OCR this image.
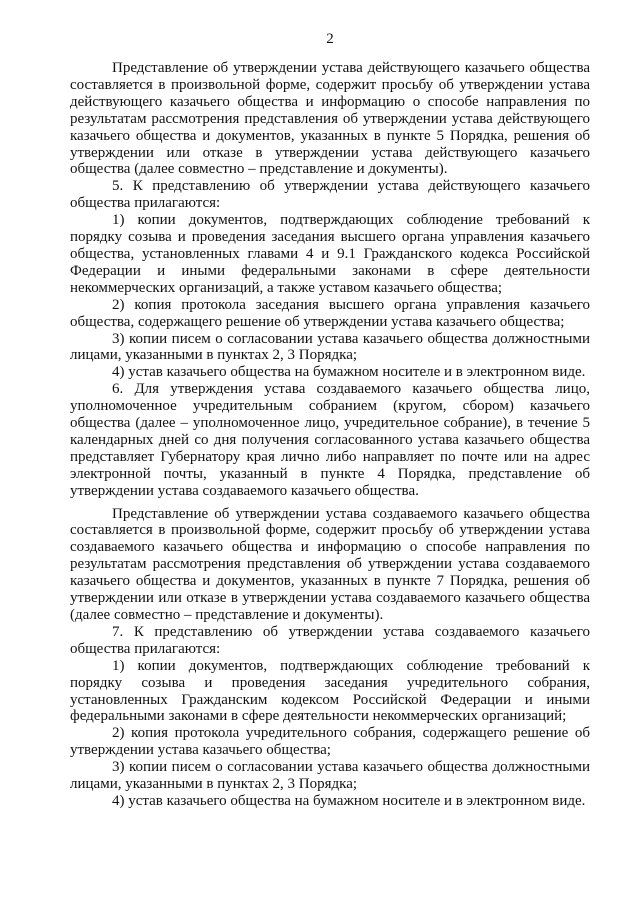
2

Представление об утверждении устава действующего казачьего общества составляется в произвольной форме, содержит просьбу об утверждении устава действующего казачьего общества и информацию о способе направления по результатам рассмотрения представления об утверждении устава действующего казачьего общества и документов, указанных в пункте 5 Порядка, решения об утверждении или отказе в утверждении устава действующего казачьего общества (далее совместно – представление и документы).

5. К представлению об утверждении устава действующего казачьего общества прилагаются:

1) копии документов, подтверждающих соблюдение требований к порядку созыва и проведения заседания высшего органа управления казачьего общества, установленных главами 4 и 9.1 Гражданского кодекса Российской Федерации и иными федеральными законами в сфере деятельности некоммерческих организаций, а также уставом казачьего общества;

2) копия протокола заседания высшего органа управления казачьего общества, содержащего решение об утверждении устава казачьего общества;

3) копии писем о согласовании устава казачьего общества должностными лицами, указанными в пунктах 2, 3 Порядка;

4) устав казачьего общества на бумажном носителе и в электронном виде.

6. Для утверждения устава создаваемого казачьего общества лицо, уполномоченное учредительным собранием (кругом, сбором) казачьего общества (далее – уполномоченное лицо, учредительное собрание), в течение 5 календарных дней со дня получения согласованного устава казачьего общества представляет Губернатору края лично либо направляет по почте или на адрес электронной почты, указанный в пункте 4 Порядка, представление об утверждении устава создаваемого казачьего общества.

Представление об утверждении устава создаваемого казачьего общества составляется в произвольной форме, содержит просьбу об утверждении устава создаваемого казачьего общества и информацию о способе направления по результатам рассмотрения представления об утверждении устава создаваемого казачьего общества и документов, указанных в пункте 7 Порядка, решения об утверждении или отказе в утверждении устава создаваемого казачьего общества (далее совместно – представление и документы).

7. К представлению об утверждении устава создаваемого казачьего общества прилагаются:

1) копии документов, подтверждающих соблюдение требований к порядку созыва и проведения заседания учредительного собрания, установленных Гражданским кодексом Российской Федерации и иными федеральными законами в сфере деятельности некоммерческих организаций;

2) копия протокола учредительного собрания, содержащего решение об утверждении устава казачьего общества;

3) копии писем о согласовании устава казачьего общества должностными лицами, указанными в пунктах 2, 3 Порядка;

4) устав казачьего общества на бумажном носителе и в электронном виде.
